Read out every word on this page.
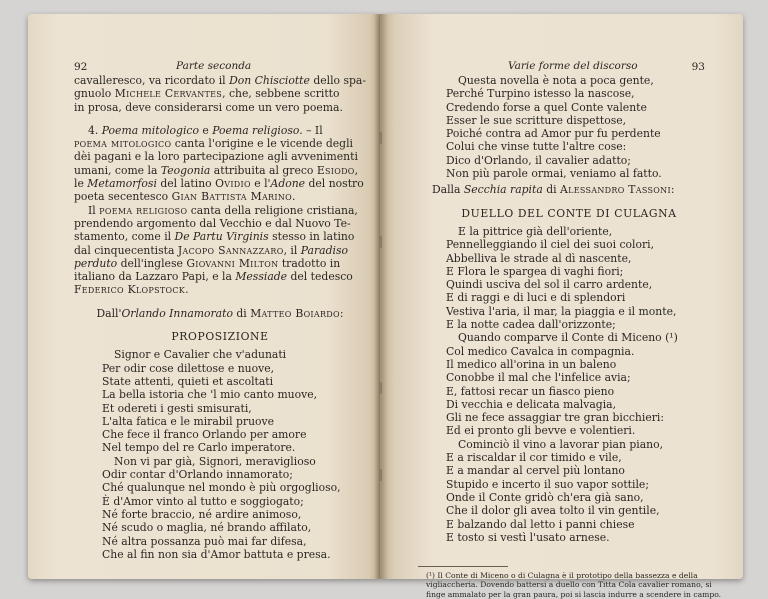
92	Parte seconda
cavalleresco, va ricordato il Don Chisciotte dello spa-
gnuolo Michele Cervantes, che, sebbene scritto
in prosa, deve considerarsi come un vero poema.
4. Poema mitologico e Poema religioso. – Il
poema mitologico canta l'origine e le vicende degli
dèi pagani e la loro partecipazione agli avvenimenti
umani, come la Teogonia attribuita al greco Esiodo,
le Metamorfosi del latino Ovidio e l'Adone del nostro
poeta secentesco Gian Battista Marino.
Il poema religioso canta della religione cristiana,
prendendo argomento dal Vecchio e dal Nuovo Te-
stamento, come il De Partu Virginis stesso in latino
dal cinquecentista Jacopo Sannazzaro, il Paradiso
perduto dell'inglese Giovanni Milton tradotto in
italiano da Lazzaro Papi, e la Messiade del tedesco
Federico Klopstock.
Dall'Orlando Innamorato di Matteo Boiardo:
PROPOSIZIONE
Signor e Cavalier che v'adunati
Per odir cose dilettose e nuove,
State attenti, quieti et ascoltati
La bella istoria che 'l mio canto muove,
Et odereti i gesti smisurati,
L'alta fatica e le mirabil pruove
Che fece il franco Orlando per amore
Nel tempo del re Carlo imperatore.
Non vi par già, Signori, meraviglioso
Odir contar d'Orlando innamorato;
Ché qualunque nel mondo è più orgoglioso,
È d'Amor vinto al tutto e soggiogato;
Né forte braccio, né ardire animoso,
Né scudo o maglia, né brando affilato,
Né altra possanza può mai far difesa,
Che al fin non sia d'Amor battuta e presa.
Varie forme del discorso	93
Questa novella è nota a poca gente,
Perché Turpino istesso la nascose,
Credendo forse a quel Conte valente
Esser le sue scritture dispettose,
Poiché contra ad Amor pur fu perdente
Colui che vinse tutte l'altre cose:
Dico d'Orlando, il cavalier adatto;
Non più parole ormai, veniamo al fatto.
Dalla Secchia rapita di Alessandro Tassoni:
DUELLO DEL CONTE DI CULAGNA
E la pittrice già dell'oriente,
Pennelleggiando il ciel dei suoi colori,
Abbelliva le strade al dì nascente,
E Flora le spargea di vaghi fiori;
Quindi usciva del sol il carro ardente,
E di raggi e di luci e di splendori
Vestiva l'aria, il mar, la piaggia e il monte,
E la notte cadea dall'orizzonte;
Quando comparve il Conte di Miceno (¹)
Col medico Cavalca in compagnia.
Il medico all'orina in un baleno
Conobbe il mal che l'infelice avia;
E, fattosi recar un fiasco pieno
Di vecchia e delicata malvagia,
Gli ne fece assaggiar tre gran bicchieri:
Ed ei pronto gli bevve e volentieri.
Cominciò il vino a lavorar pian piano,
E a riscaldar il cor timido e vile,
E a mandar al cervel più lontano
Stupido e incerto il suo vapor sottile;
Onde il Conte gridò ch'era già sano,
Che il dolor gli avea tolto il vin gentile,
E balzando dal letto i panni chiese
E tosto si vestì l'usato arnese.
(¹) Il Conte di Miceno o di Culagna è il prototipo della bassezza e della
vigliaccheria. Dovendo battersi a duello con Titta Cola cavalier romano, si
finge ammalato per la gran paura, poi si lascia indurre a scendere in campo.
